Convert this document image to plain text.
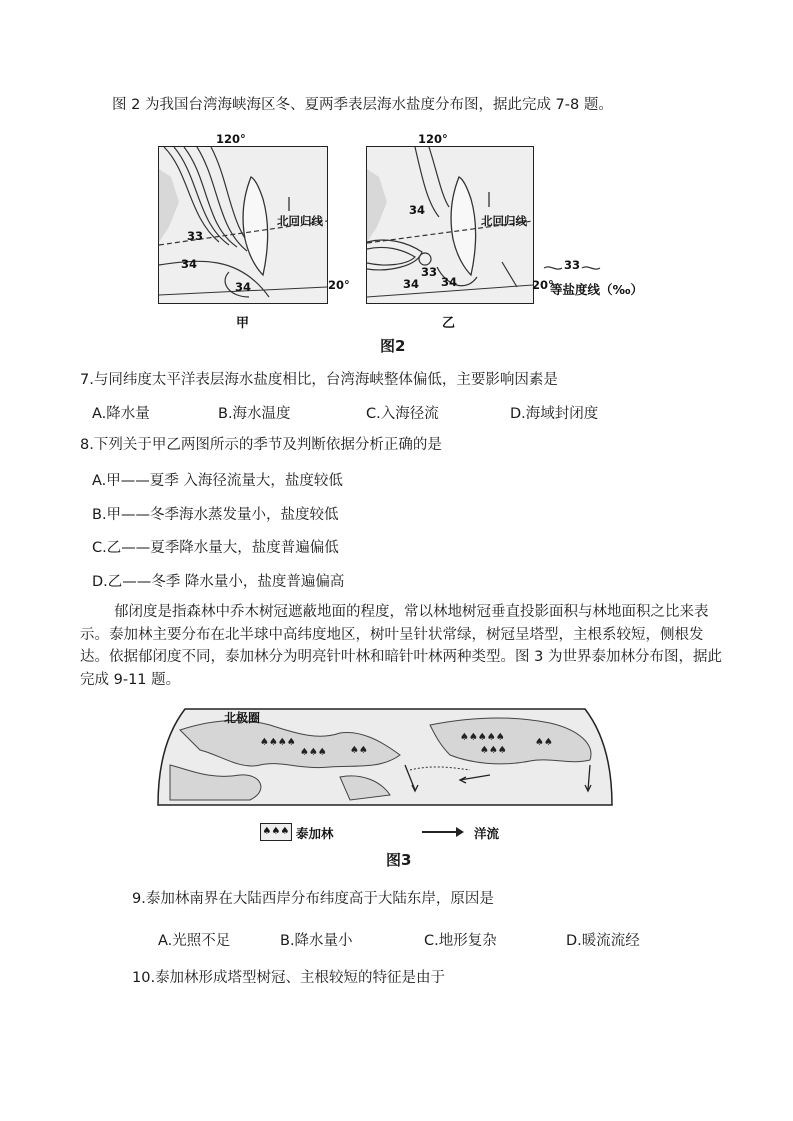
图 2 为我国台湾海峡海区冬、夏两季表层海水盐度分布图，据此完成 7-8 题。
北回归线
33
34
34
120°
20°
甲
34
北回归线
33
34 34
120°
20°
乙
33
等盐度线（‰）
图2
7.与同纬度太平洋表层海水盐度相比，台湾海峡整体偏低，主要影响因素是
A.降水量	B.海水温度	C.入海径流	D.海域封闭度
8.下列关于甲乙两图所示的季节及判断依据分析正确的是
A.甲——夏季 入海径流量大，盐度较低
B.甲——冬季海水蒸发量小，盐度较低
C.乙——夏季降水量大，盐度普遍偏低
D.乙——冬季 降水量小，盐度普遍偏高
郁闭度是指森林中乔木树冠遮蔽地面的程度，常以林地树冠垂直投影面积与林地面积之比来表示。泰加林主要分布在北半球中高纬度地区，树叶呈针状常绿，树冠呈塔型，主根系较短，侧根发达。依据郁闭度不同，泰加林分为明亮针叶林和暗针叶林两种类型。图 3 为世界泰加林分布图，据此完成 9-11 题。
♠♠♠♠
♠♠♠ ♠♠
♠♠♠♠♠
♠♠♠
♠♠
北极圈
♠♠♠ 泰加林	洋流
图3
9.泰加林南界在大陆西岸分布纬度高于大陆东岸，原因是
A.光照不足	B.降水量小	C.地形复杂	D.暖流流经
10.泰加林形成塔型树冠、主根较短的特征是由于
